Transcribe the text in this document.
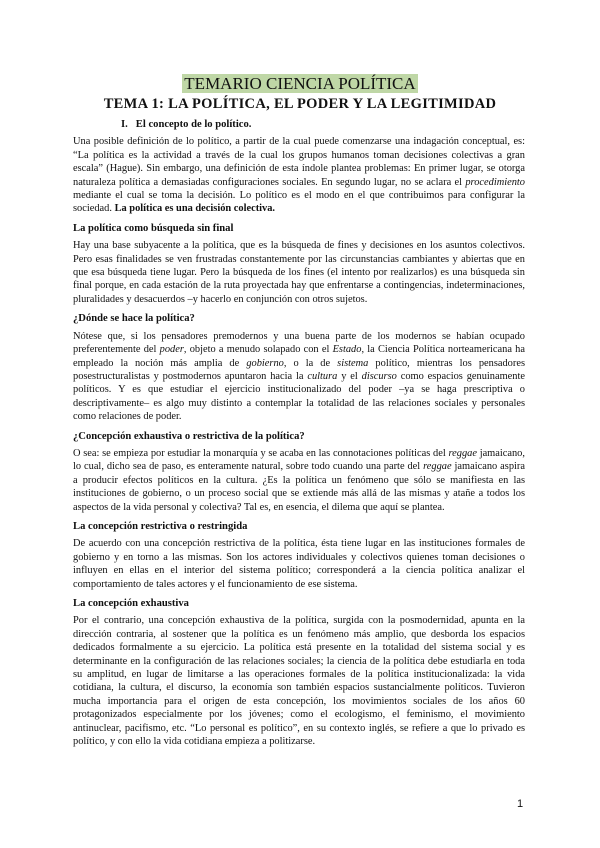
TEMARIO CIENCIA POLÍTICA
TEMA 1: LA POLÍTICA, EL PODER Y LA LEGITIMIDAD
I. El concepto de lo político.

Una posible definición de lo político, a partir de la cual puede comenzarse una indagación conceptual, es: “La política es la actividad a través de la cual los grupos humanos toman decisiones colectivas a gran escala” (Hague). Sin embargo, una definición de esta índole plantea problemas: En primer lugar, se otorga naturaleza política a demasiadas configuraciones sociales. En segundo lugar, no se aclara el procedimiento mediante el cual se toma la decisión. Lo político es el modo en el que contribuimos para configurar la sociedad. La política es una decisión colectiva.

La política como búsqueda sin final

Hay una base subyacente a la política, que es la búsqueda de fines y decisiones en los asuntos colectivos. Pero esas finalidades se ven frustradas constantemente por las circunstancias cambiantes y abiertas que en que esa búsqueda tiene lugar. Pero la búsqueda de los fines (el intento por realizarlos) es una búsqueda sin final porque, en cada estación de la ruta proyectada hay que enfrentarse a contingencias, indeterminaciones, pluralidades y desacuerdos –y hacerlo en conjunción con otros sujetos.

¿Dónde se hace la política?

Nótese que, si los pensadores premodernos y una buena parte de los modernos se habían ocupado preferentemente del poder, objeto a menudo solapado con el Estado, la Ciencia Política norteamericana ha empleado la noción más amplia de gobierno, o la de sistema político, mientras los pensadores posestructuralistas y postmodernos apuntaron hacia la cultura y el discurso como espacios genuinamente políticos. Y es que estudiar el ejercicio institucionalizado del poder –ya se haga prescriptiva o descriptivamente– es algo muy distinto a contemplar la totalidad de las relaciones sociales y personales como relaciones de poder.

¿Concepción exhaustiva o restrictiva de la política?

O sea: se empieza por estudiar la monarquía y se acaba en las connotaciones políticas del reggae jamaicano, lo cual, dicho sea de paso, es enteramente natural, sobre todo cuando una parte del reggae jamaicano aspira a producir efectos políticos en la cultura. ¿Es la política un fenómeno que sólo se manifiesta en las instituciones de gobierno, o un proceso social que se extiende más allá de las mismas y atañe a todos los aspectos de la vida personal y colectiva? Tal es, en esencia, el dilema que aquí se plantea.

La concepción restrictiva o restringida

De acuerdo con una concepción restrictiva de la política, ésta tiene lugar en las instituciones formales de gobierno y en torno a las mismas. Son los actores individuales y colectivos quienes toman decisiones o influyen en ellas en el interior del sistema político; corresponderá a la ciencia política analizar el comportamiento de tales actores y el funcionamiento de ese sistema.

La concepción exhaustiva

Por el contrario, una concepción exhaustiva de la política, surgida con la posmodernidad, apunta en la dirección contraria, al sostener que la política es un fenómeno más amplio, que desborda los espacios dedicados formalmente a su ejercicio. La política está presente en la totalidad del sistema social y es determinante en la configuración de las relaciones sociales; la ciencia de la política debe estudiarla en toda su amplitud, en lugar de limitarse a las operaciones formales de la política institucionalizada: la vida cotidiana, la cultura, el discurso, la economía son también espacios sustancialmente políticos. Tuvieron mucha importancia para el origen de esta concepción, los movimientos sociales de los años 60 protagonizados especialmente por los jóvenes; como el ecologismo, el feminismo, el movimiento antinuclear, pacifismo, etc. “Lo personal es político”, en su contexto inglés, se refiere a que lo privado es político, y con ello la vida cotidiana empieza a politizarse.

1
